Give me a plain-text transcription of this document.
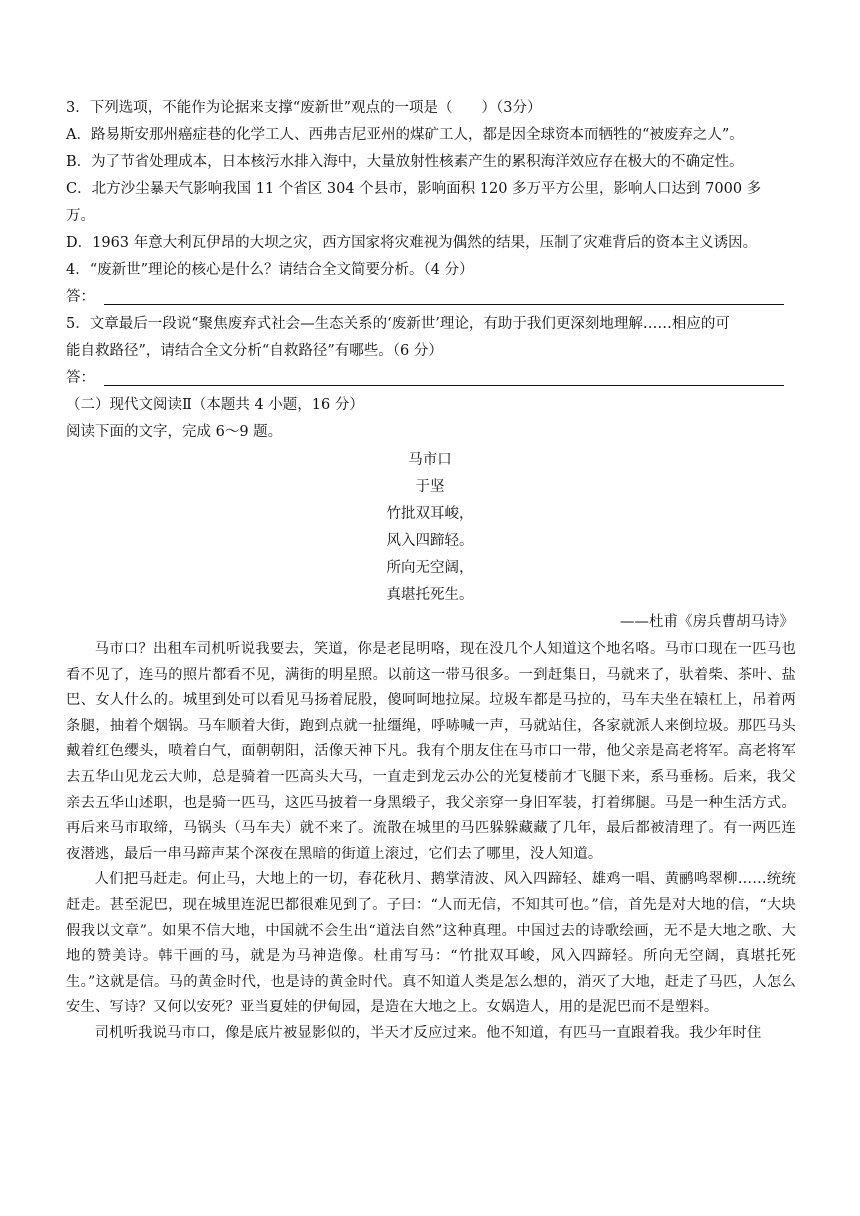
3．下列选项，不能作为论据来支撑“废新世”观点的一项是（　　）（3分）
A．路易斯安那州癌症巷的化学工人、西弗吉尼亚州的煤矿工人，都是因全球资本而牺牲的“被废弃之人”。
B．为了节省处理成本，日本核污水排入海中，大量放射性核素产生的累积海洋效应存在极大的不确定性。
C．北方沙尘暴天气影响我国 11 个省区 304 个县市，影响面积 120 多万平方公里，影响人口达到 7000 多
万。
D．1963 年意大利瓦伊昂的大坝之灾，西方国家将灾难视为偶然的结果，压制了灾难背后的资本主义诱因。
4．“废新世”理论的核心是什么？请结合全文简要分析。（4 分）
答：
5．文章最后一段说“聚焦废弃式社会—生态关系的‘废新世’理论，有助于我们更深刻地理解……相应的可
能自救路径”，请结合全文分析“自救路径”有哪些。（6 分）
答：
（二）现代文阅读Ⅱ（本题共 4 小题，16 分）
阅读下面的文字，完成 6～9 题。
马市口
于坚
竹批双耳峻，
风入四蹄轻。
所向无空阔，
真堪托死生。
——杜甫《房兵曹胡马诗》

马市口？出租车司机听说我要去，笑道，你是老昆明咯，现在没几个人知道这个地名咯。马市口现在一匹马也看不见了，连马的照片都看不见，满街的明星照。以前这一带马很多。一到赶集日，马就来了，驮着柴、茶叶、盐巴、女人什么的。城里到处可以看见马扬着屁股，傻呵呵地拉屎。垃圾车都是马拉的，马车夫坐在辕杠上，吊着两条腿，抽着个烟锅。马车顺着大街，跑到点就一扯缰绳，呼哧喊一声，马就站住，各家就派人来倒垃圾。那匹马头戴着红色缨头，喷着白气，面朝朝阳，活像天神下凡。我有个朋友住在马市口一带，他父亲是高老将军。高老将军去五华山见龙云大帅，总是骑着一匹高头大马，一直走到龙云办公的光复楼前才飞腿下来，系马垂杨。后来，我父亲去五华山述职，也是骑一匹马，这匹马披着一身黑缎子，我父亲穿一身旧军装，打着绑腿。马是一种生活方式。再后来马市取缔，马锅头（马车夫）就不来了。流散在城里的马匹躲躲藏藏了几年，最后都被清理了。有一两匹连夜潜逃，最后一串马蹄声某个深夜在黑暗的街道上滚过，它们去了哪里，没人知道。

人们把马赶走。何止马，大地上的一切，春花秋月、鹅掌清波、风入四蹄轻、雄鸡一唱、黄鹂鸣翠柳……统统赶走。甚至泥巴，现在城里连泥巴都很难见到了。子曰：“人而无信，不知其可也。”信，首先是对大地的信，“大块假我以文章”。如果不信大地，中国就不会生出“道法自然”这种真理。中国过去的诗歌绘画，无不是大地之歌、大地的赞美诗。韩干画的马，就是为马神造像。杜甫写马：“竹批双耳峻，风入四蹄轻。所向无空阔，真堪托死生。”这就是信。马的黄金时代，也是诗的黄金时代。真不知道人类是怎么想的，消灭了大地，赶走了马匹，人怎么安生、写诗？又何以安死？亚当夏娃的伊甸园，是造在大地之上。女娲造人，用的是泥巴而不是塑料。

司机听我说马市口，像是底片被显影似的，半天才反应过来。他不知道，有匹马一直跟着我。我少年时住
